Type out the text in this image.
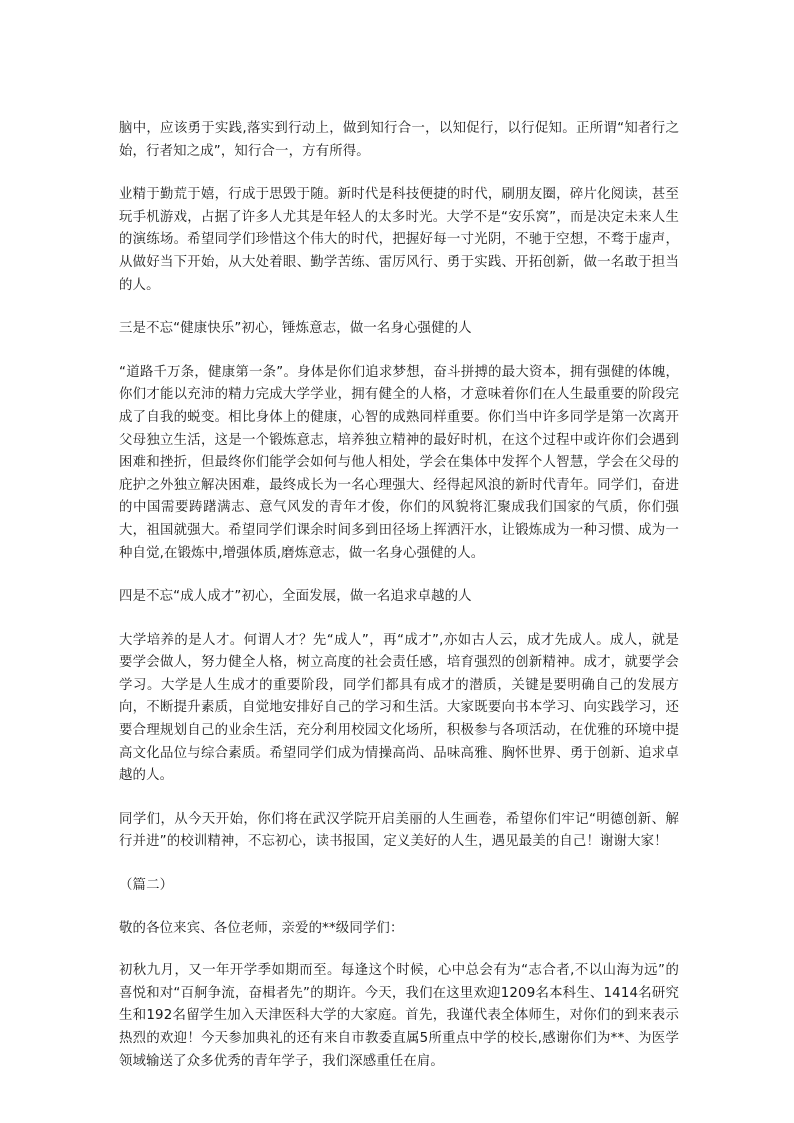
脑中，应该勇于实践,落实到行动上，做到知行合一，以知促行，以行促知。正所谓“知者行之始，行者知之成”，知行合一，方有所得。

业精于勤荒于嬉，行成于思毁于随。新时代是科技便捷的时代，刷朋友圈，碎片化阅读，甚至玩手机游戏，占据了许多人尤其是年轻人的太多时光。大学不是“安乐窝”，而是决定未来人生的演练场。希望同学们珍惜这个伟大的时代，把握好每一寸光阴，不驰于空想，不骛于虚声，从做好当下开始，从大处着眼、勤学苦练、雷厉风行、勇于实践、开拓创新，做一名敢于担当的人。

三是不忘“健康快乐”初心，锤炼意志，做一名身心强健的人

“道路千万条，健康第一条”。身体是你们追求梦想，奋斗拼搏的最大资本，拥有强健的体魄，你们才能以充沛的精力完成大学学业，拥有健全的人格，才意味着你们在人生最重要的阶段完成了自我的蜕变。相比身体上的健康，心智的成熟同样重要。你们当中许多同学是第一次离开父母独立生活，这是一个锻炼意志，培养独立精神的最好时机，在这个过程中或许你们会遇到困难和挫折，但最终你们能学会如何与他人相处，学会在集体中发挥个人智慧，学会在父母的庇护之外独立解决困难，最终成长为一名心理强大、经得起风浪的新时代青年。同学们，奋进的中国需要踌躇满志、意气风发的青年才俊，你们的风貌将汇聚成我们国家的气质，你们强大，祖国就强大。希望同学们课余时间多到田径场上挥洒汗水，让锻炼成为一种习惯、成为一种自觉,在锻炼中,增强体质,磨炼意志，做一名身心强健的人。

四是不忘“成人成才”初心，全面发展，做一名追求卓越的人

大学培养的是人才。何谓人才？先“成人”，再“成才”,亦如古人云，成才先成人。成人，就是要学会做人，努力健全人格，树立高度的社会责任感，培育强烈的创新精神。成才，就要学会学习。大学是人生成才的重要阶段，同学们都具有成才的潜质，关键是要明确自己的发展方向，不断提升素质，自觉地安排好自己的学习和生活。大家既要向书本学习、向实践学习，还要合理规划自己的业余生活，充分利用校园文化场所，积极参与各项活动，在优雅的环境中提高文化品位与综合素质。希望同学们成为情操高尚、品味高雅、胸怀世界、勇于创新、追求卓越的人。

同学们，从今天开始，你们将在武汉学院开启美丽的人生画卷，希望你们牢记“明德创新、解行并进”的校训精神，不忘初心，读书报国，定义美好的人生，遇见最美的自己！谢谢大家！

（篇二）

敬的各位来宾、各位老师，亲爱的**级同学们：

初秋九月，又一年开学季如期而至。每逢这个时候，心中总会有为“志合者,不以山海为远”的喜悦和对“百舸争流，奋楫者先”的期许。今天，我们在这里欢迎1209名本科生、1414名研究生和192名留学生加入天津医科大学的大家庭。首先，我谨代表全体师生，对你们的到来表示热烈的欢迎！今天参加典礼的还有来自市教委直属5所重点中学的校长,感谢你们为**、为医学领域输送了众多优秀的青年学子，我们深感重任在肩。
